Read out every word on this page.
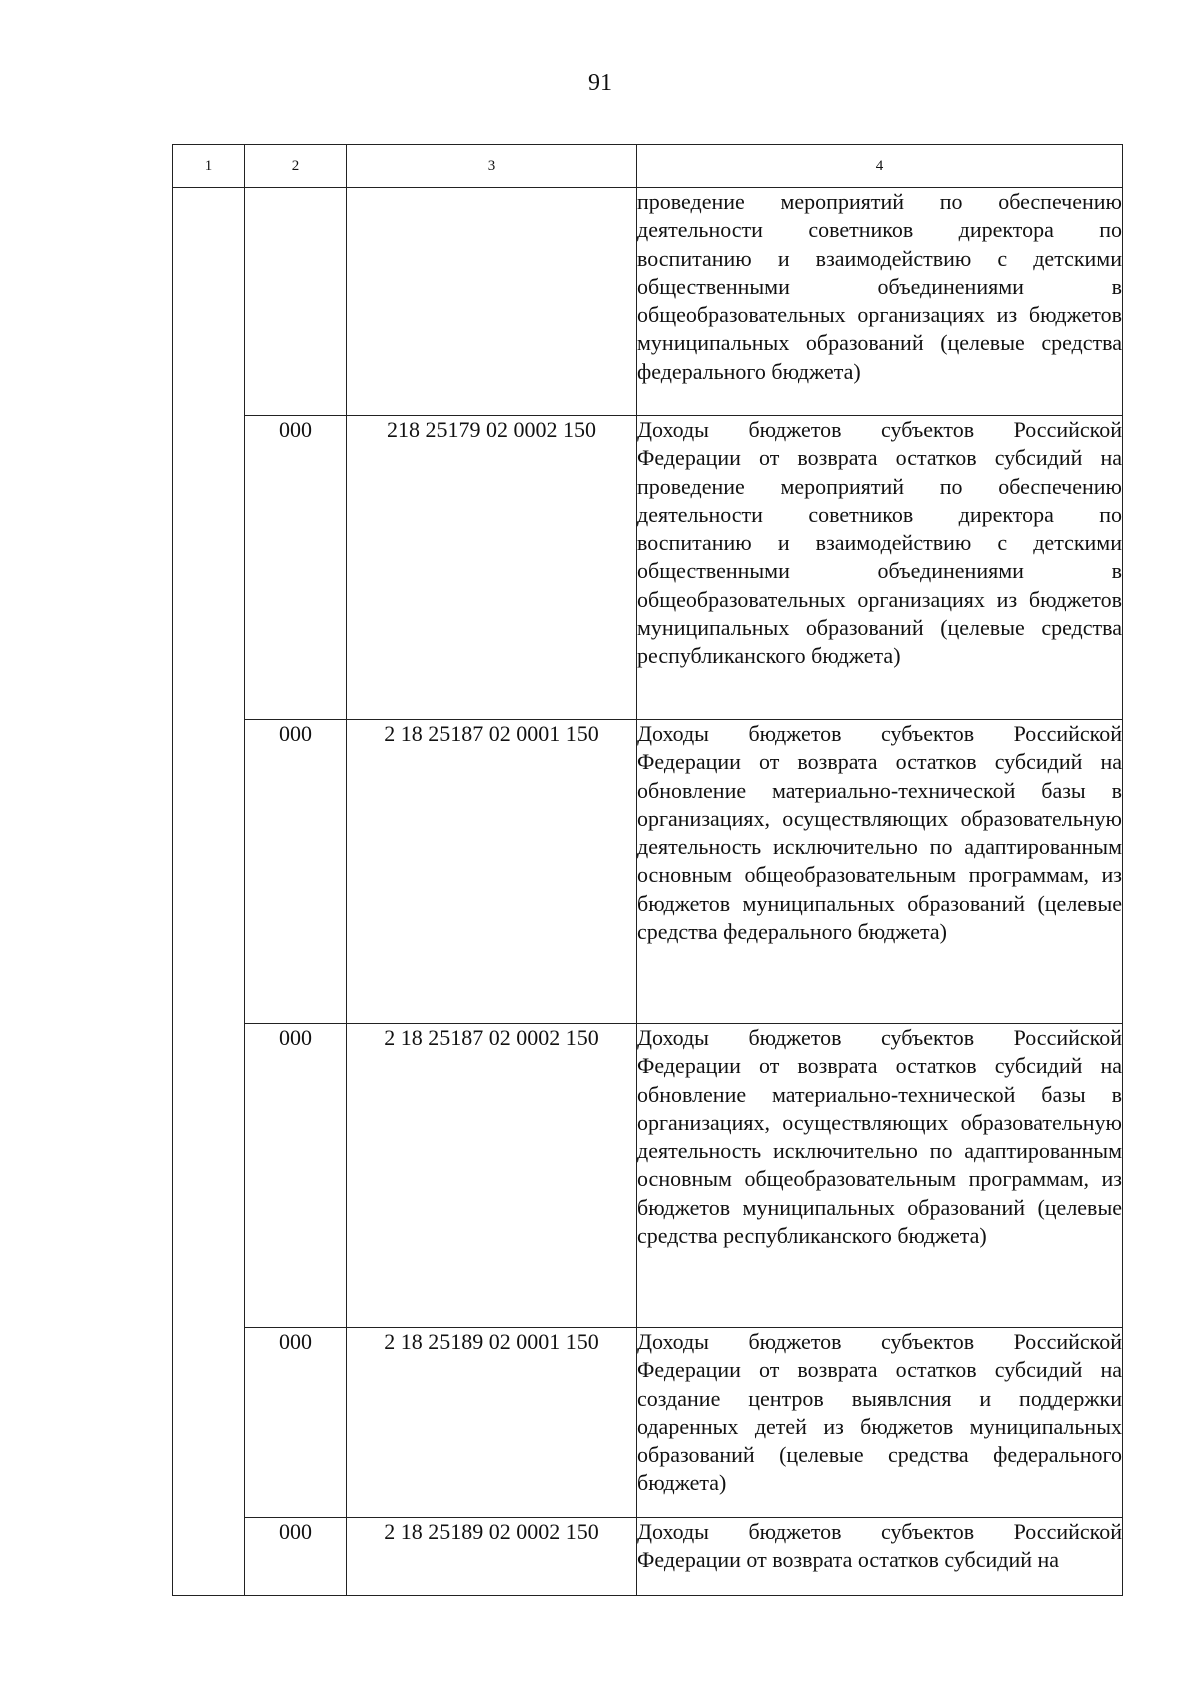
91
1	2	3	4

			проведение мероприятий по обеспечению деятельности советников директора по воспитанию и взаимодействию с детскими общественными объединениями в общеобразовательных организациях из бюджетов муниципальных образований (целевые средства федерального бюджета)

	000	218 25179 02 0002 150	Доходы бюджетов субъектов Российской Федерации от возврата остатков субсидий на проведение мероприятий по обеспечению деятельности советников директора по воспитанию и взаимодействию с детскими общественными объединениями в общеобразовательных организациях из бюджетов муниципальных образований (целевые средства республиканского бюджета)

	000	2 18 25187 02 0001 150	Доходы бюджетов субъектов Российской Федерации от возврата остатков субсидий на обновление материально-технической базы в организациях, осуществляющих образовательную деятельность исключительно по адаптированным основным общеобразовательным программам, из бюджетов муниципальных образований (целевые средства федерального бюджета)

	000	2 18 25187 02 0002 150	Доходы бюджетов субъектов Российской Федерации от возврата остатков субсидий на обновление материально-технической базы в организациях, осуществляющих образовательную деятельность исключительно по адаптированным основным общеобразовательным программам, из бюджетов муниципальных образований (целевые средства республиканского бюджета)

	000	2 18 25189 02 0001 150	Доходы бюджетов субъектов Российской Федерации от возврата остатков субсидий на создание центров выявлсния и поддержки одаренных детей из бюджетов муниципальных образований (целевые средства федерального бюджета)

	000	2 18 25189 02 0002 150	Доходы бюджетов субъектов Российской Федерации от возврата остатков субсидий на
